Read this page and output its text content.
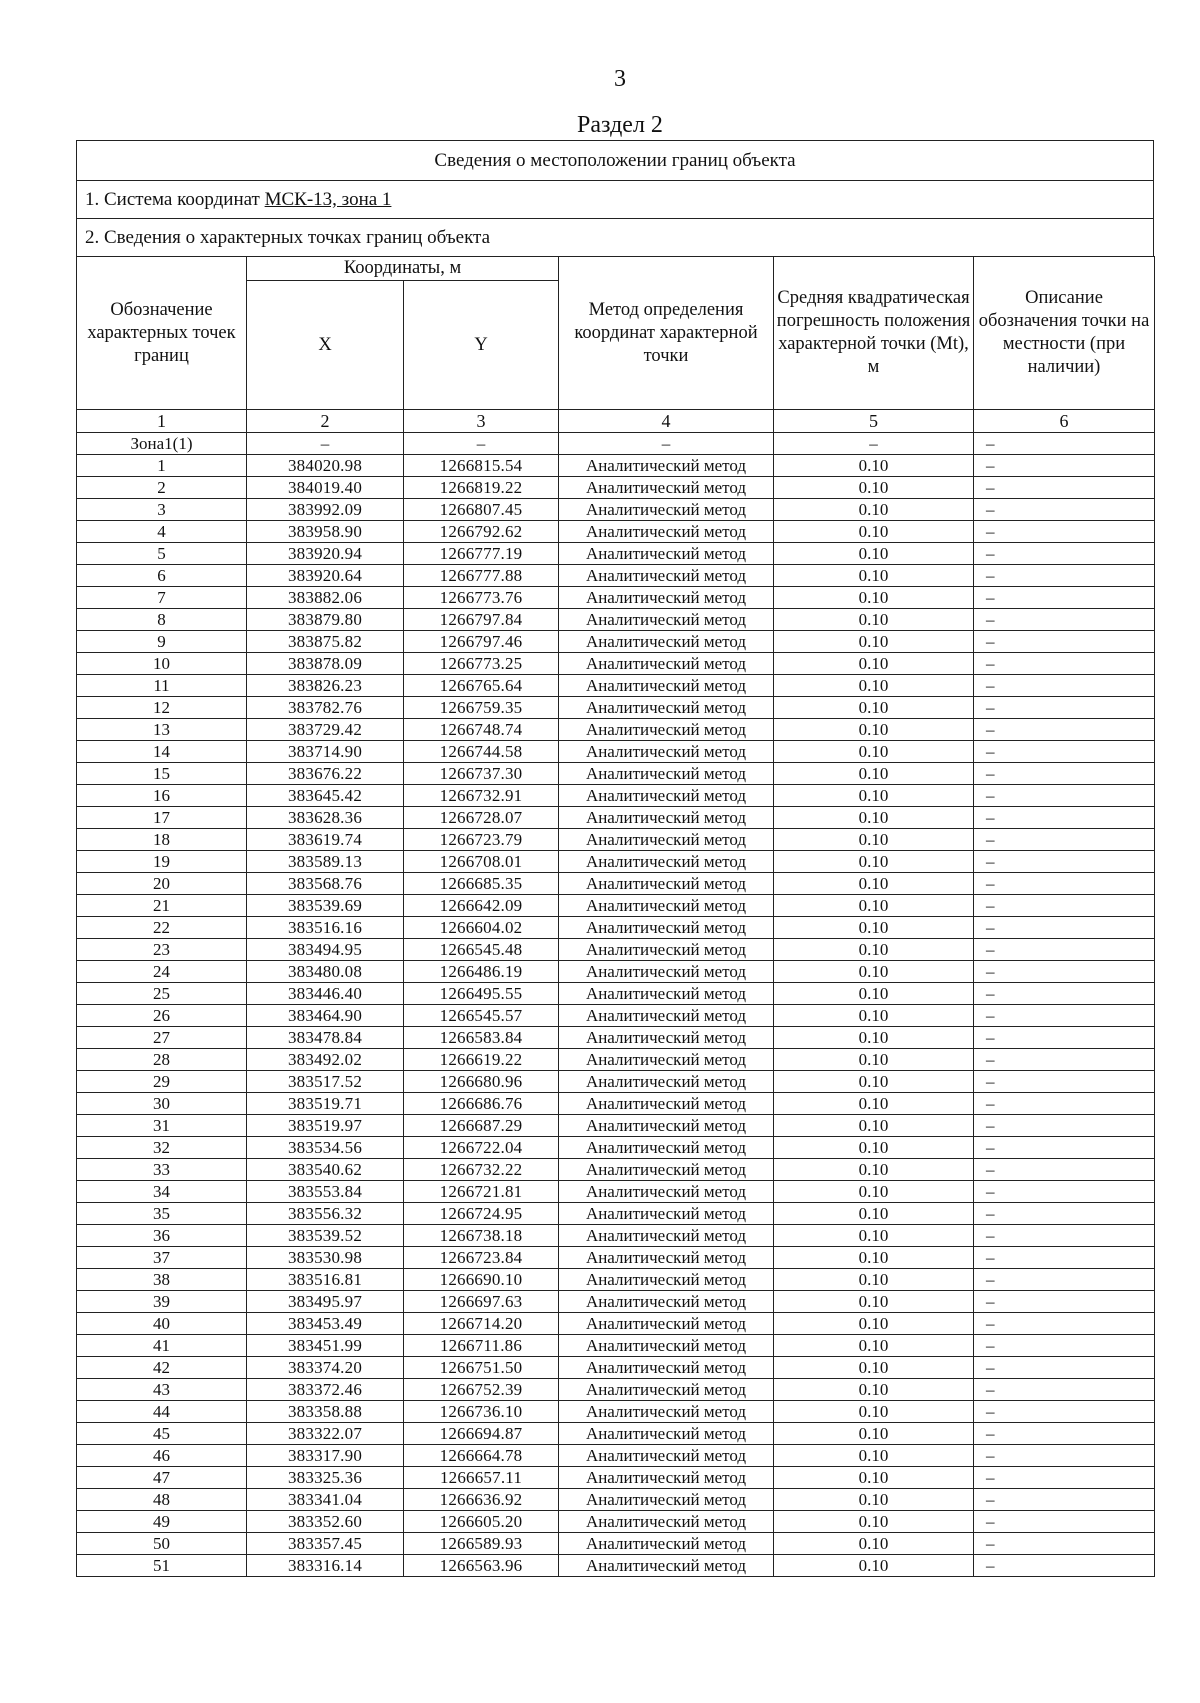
3
Раздел 2
Сведения о местоположении границ объекта
1. Система координат МСК-13, зона 1
2. Сведения о характерных точках границ объекта
Обозначение характерных точек границ	Координаты, м		Метод определения координат характерной точки	Средняя квадратическая погрешность положения характерной точки (Mt), м	Описание обозначения точки на местности (при наличии)
	X	Y			
1	2	3	4	5	6
Зона1(1)	–	–	–	–	–
1	384020.98	1266815.54	Аналитический метод	0.10	–
2	384019.40	1266819.22	Аналитический метод	0.10	–
3	383992.09	1266807.45	Аналитический метод	0.10	–
4	383958.90	1266792.62	Аналитический метод	0.10	–
5	383920.94	1266777.19	Аналитический метод	0.10	–
6	383920.64	1266777.88	Аналитический метод	0.10	–
7	383882.06	1266773.76	Аналитический метод	0.10	–
8	383879.80	1266797.84	Аналитический метод	0.10	–
9	383875.82	1266797.46	Аналитический метод	0.10	–
10	383878.09	1266773.25	Аналитический метод	0.10	–
11	383826.23	1266765.64	Аналитический метод	0.10	–
12	383782.76	1266759.35	Аналитический метод	0.10	–
13	383729.42	1266748.74	Аналитический метод	0.10	–
14	383714.90	1266744.58	Аналитический метод	0.10	–
15	383676.22	1266737.30	Аналитический метод	0.10	–
16	383645.42	1266732.91	Аналитический метод	0.10	–
17	383628.36	1266728.07	Аналитический метод	0.10	–
18	383619.74	1266723.79	Аналитический метод	0.10	–
19	383589.13	1266708.01	Аналитический метод	0.10	–
20	383568.76	1266685.35	Аналитический метод	0.10	–
21	383539.69	1266642.09	Аналитический метод	0.10	–
22	383516.16	1266604.02	Аналитический метод	0.10	–
23	383494.95	1266545.48	Аналитический метод	0.10	–
24	383480.08	1266486.19	Аналитический метод	0.10	–
25	383446.40	1266495.55	Аналитический метод	0.10	–
26	383464.90	1266545.57	Аналитический метод	0.10	–
27	383478.84	1266583.84	Аналитический метод	0.10	–
28	383492.02	1266619.22	Аналитический метод	0.10	–
29	383517.52	1266680.96	Аналитический метод	0.10	–
30	383519.71	1266686.76	Аналитический метод	0.10	–
31	383519.97	1266687.29	Аналитический метод	0.10	–
32	383534.56	1266722.04	Аналитический метод	0.10	–
33	383540.62	1266732.22	Аналитический метод	0.10	–
34	383553.84	1266721.81	Аналитический метод	0.10	–
35	383556.32	1266724.95	Аналитический метод	0.10	–
36	383539.52	1266738.18	Аналитический метод	0.10	–
37	383530.98	1266723.84	Аналитический метод	0.10	–
38	383516.81	1266690.10	Аналитический метод	0.10	–
39	383495.97	1266697.63	Аналитический метод	0.10	–
40	383453.49	1266714.20	Аналитический метод	0.10	–
41	383451.99	1266711.86	Аналитический метод	0.10	–
42	383374.20	1266751.50	Аналитический метод	0.10	–
43	383372.46	1266752.39	Аналитический метод	0.10	–
44	383358.88	1266736.10	Аналитический метод	0.10	–
45	383322.07	1266694.87	Аналитический метод	0.10	–
46	383317.90	1266664.78	Аналитический метод	0.10	–
47	383325.36	1266657.11	Аналитический метод	0.10	–
48	383341.04	1266636.92	Аналитический метод	0.10	–
49	383352.60	1266605.20	Аналитический метод	0.10	–
50	383357.45	1266589.93	Аналитический метод	0.10	–
51	383316.14	1266563.96	Аналитический метод	0.10	–
